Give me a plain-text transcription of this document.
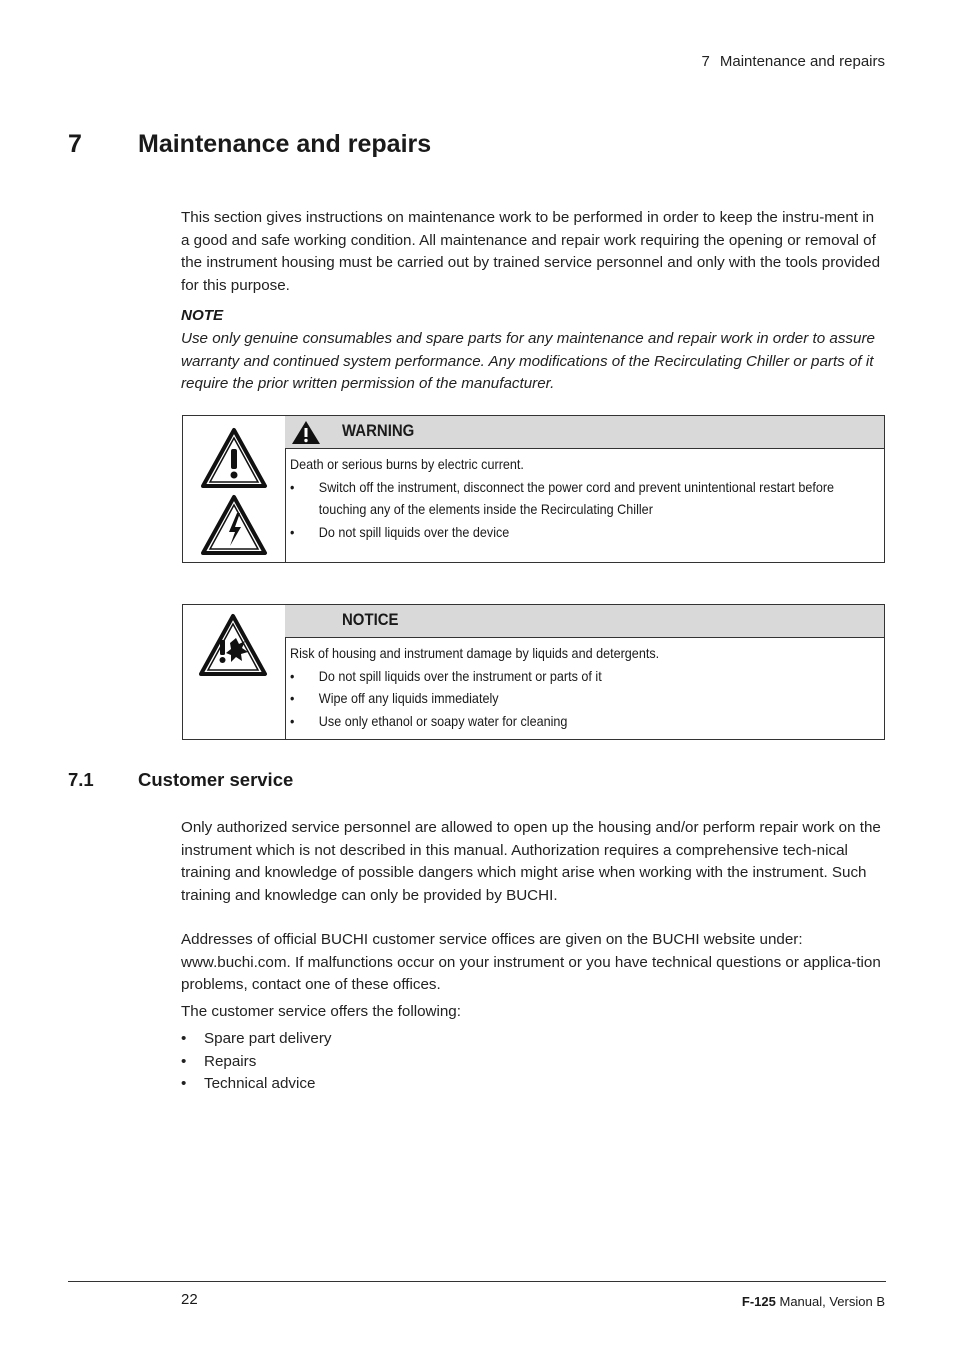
7 Maintenance and repairs
7 Maintenance and repairs
This section gives instructions on maintenance work to be performed in order to keep the instru-ment in a good and safe working condition. All maintenance and repair work requiring the opening or removal of the instrument housing must be carried out by trained service personnel and only with the tools provided for this purpose.
NOTE
Use only genuine consumables and spare parts for any maintenance and repair work in order to assure warranty and continued system performance. Any modifications of the Recirculating Chiller or parts of it require the prior written permission of the manufacturer.
WARNING
Death or serious burns by electric current.
•	Switch off the instrument, disconnect the power cord and prevent unintentional restart before touching any of the elements inside the Recirculating Chiller
•	Do not spill liquids over the device
NOTICE
Risk of housing and instrument damage by liquids and detergents.
•	Do not spill liquids over the instrument or parts of it
•	Wipe off any liquids immediately
•	Use only ethanol or soapy water for cleaning
7.1 Customer service
Only authorized service personnel are allowed to open up the housing and/or perform repair work on the instrument which is not described in this manual. Authorization requires a comprehensive tech-nical training and knowledge of possible dangers which might arise when working with the instrument. Such training and knowledge can only be provided by BUCHI.
Addresses of official BUCHI customer service offices are given on the BUCHI website under: www.buchi.com. If malfunctions occur on your instrument or you have technical questions or applica-tion problems, contact one of these offices.
The customer service offers the following:
•	Spare part delivery
•	Repairs
•	Technical advice
22	F-125 Manual, Version B
